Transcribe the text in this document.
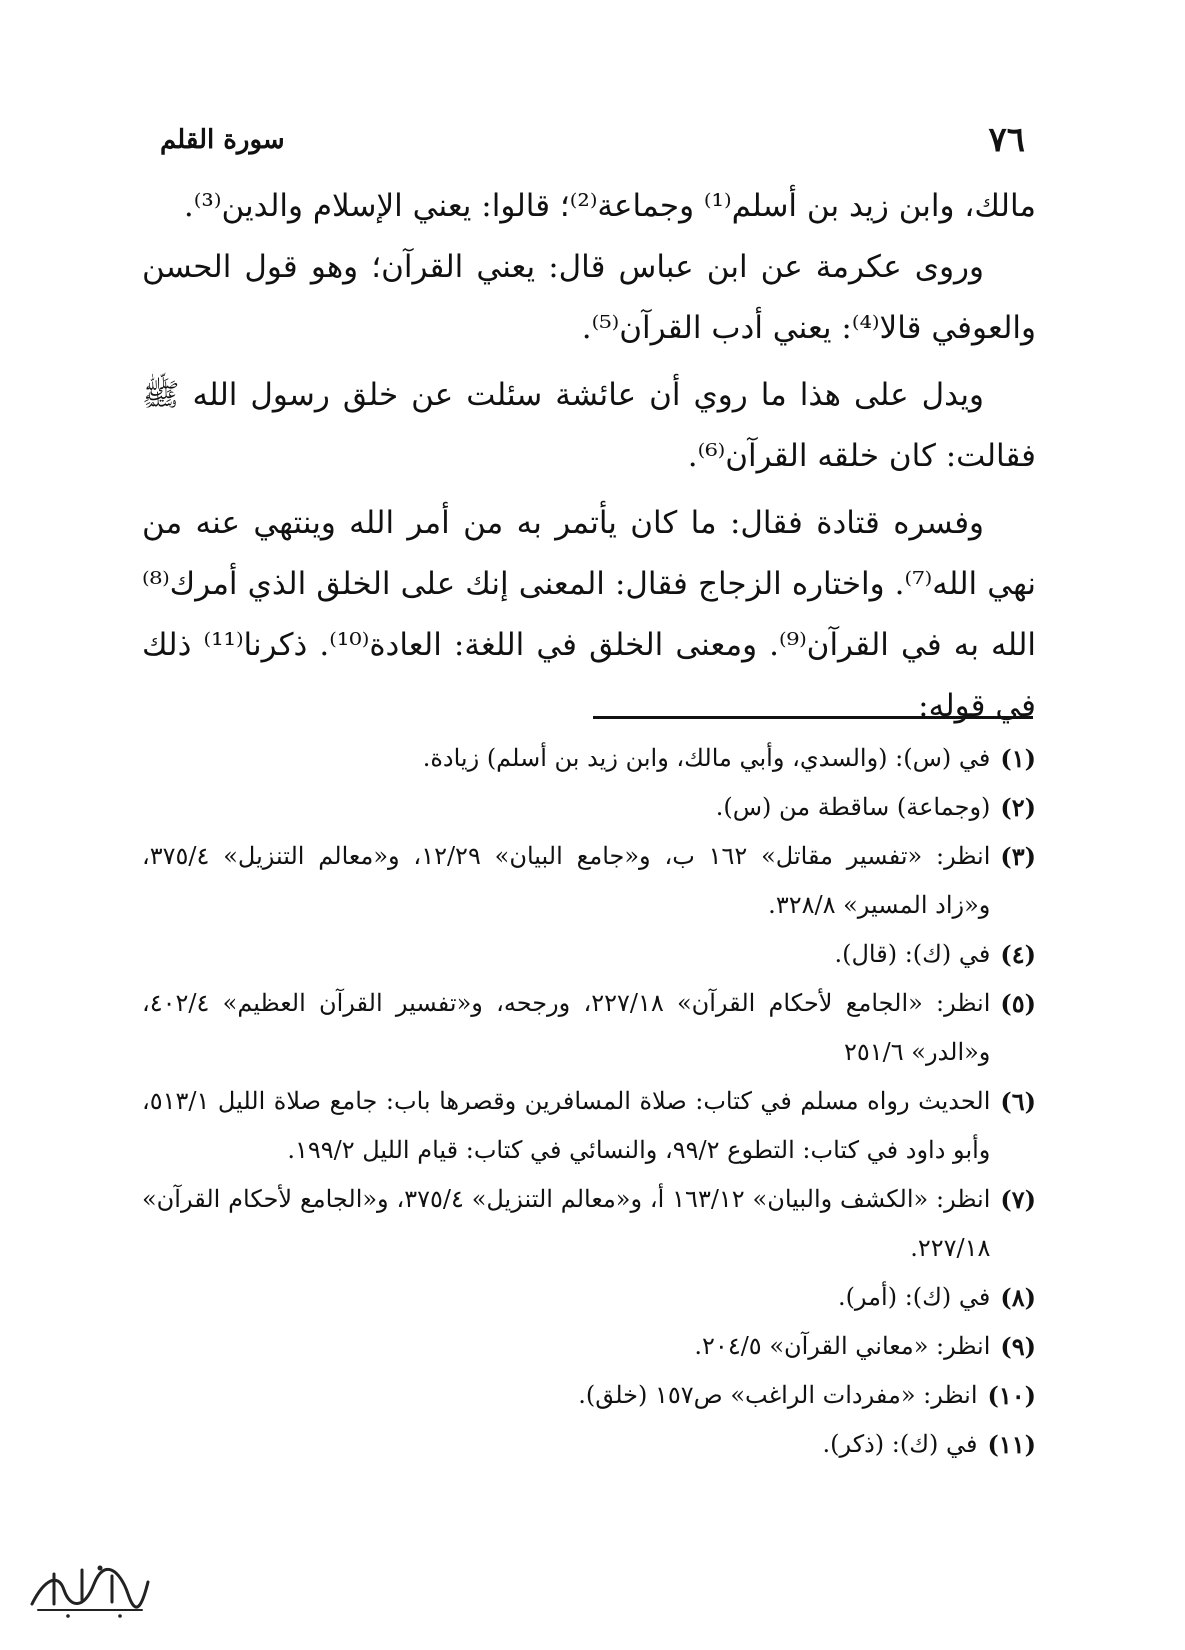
٧٦
سورة القلم

مالك، وابن زيد بن أسلم⁽¹⁾ وجماعة⁽²⁾؛ قالوا: يعني الإسلام والدين⁽³⁾.

وروى عكرمة عن ابن عباس قال: يعني القرآن؛ وهو قول الحسن والعوفي قالا⁽⁴⁾: يعني أدب القرآن⁽⁵⁾.

ويدل على هذا ما روي أن عائشة سئلت عن خلق رسول الله ﷺ فقالت: كان خلقه القرآن⁽⁶⁾.

وفسره قتادة فقال: ما كان يأتمر به من أمر الله وينتهي عنه من نهي الله⁽⁷⁾. واختاره الزجاج فقال: المعنى إنك على الخلق الذي أمرك⁽⁸⁾ الله به في القرآن⁽⁹⁾. ومعنى الخلق في اللغة: العادة⁽¹⁰⁾. ذكرنا⁽¹¹⁾ ذلك في قوله:

(١)
في (س): (والسدي، وأبي مالك، وابن زيد بن أسلم) زيادة.
(٢)
(وجماعة) ساقطة من (س).
(٣)
انظر: «تفسير مقاتل» ١٦٢ ب، و«جامع البيان» ١٢/٢٩، و«معالم التنزيل» ٣٧٥/٤، و«زاد المسير» ٣٢٨/٨.
(٤)
في (ك): (قال).
(٥)
انظر: «الجامع لأحكام القرآن» ٢٢٧/١٨، ورجحه، و«تفسير القرآن العظيم» ٤٠٢/٤، و«الدر» ٢٥١/٦
(٦)
الحديث رواه مسلم في كتاب: صلاة المسافرين وقصرها باب: جامع صلاة الليل ٥١٣/١، وأبو داود في كتاب: التطوع ٩٩/٢، والنسائي في كتاب: قيام الليل ١٩٩/٢.
(٧)
انظر: «الكشف والبيان» ١٦٣/١٢ أ، و«معالم التنزيل» ٣٧٥/٤، و«الجامع لأحكام القرآن» ٢٢٧/١٨.
(٨)
في (ك): (أمر).
(٩)
انظر: «معاني القرآن» ٢٠٤/٥.
(١٠)
انظر: «مفردات الراغب» ص١٥٧ (خلق).
(١١)
في (ك): (ذكر).
